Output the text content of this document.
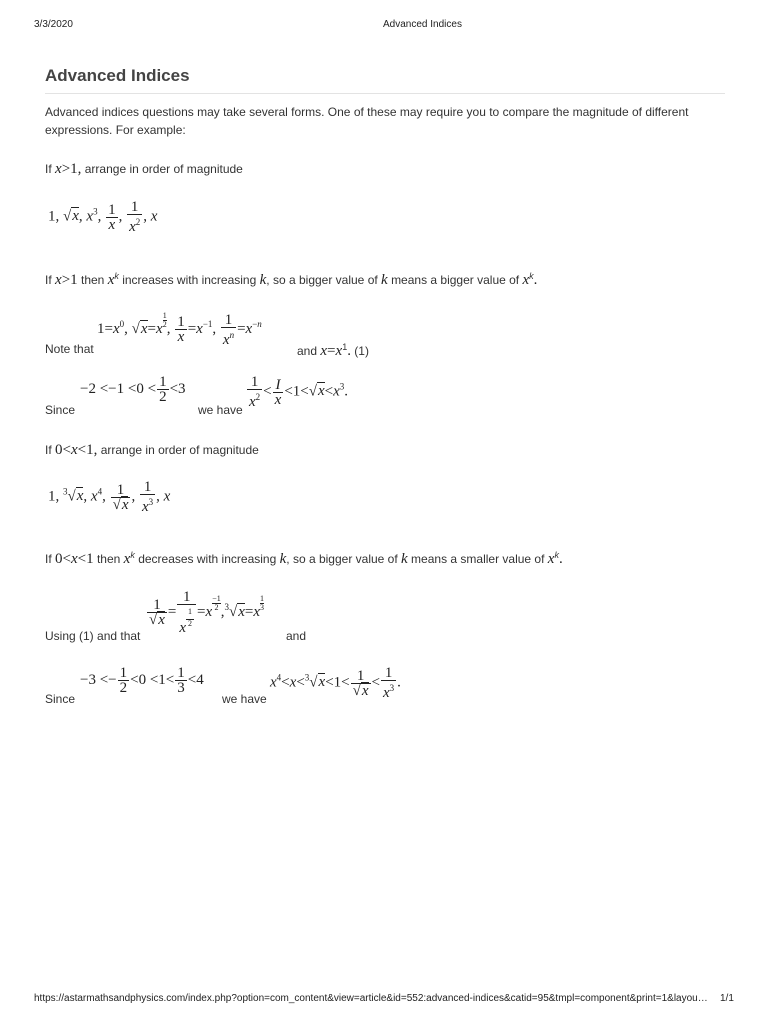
3/3/2020	Advanced Indices
Advanced Indices
Advanced indices questions may take several forms. One of these may require you to compare the magnitude of different expressions. For example:
If x>1, arrange in order of magnitude
1, √x, $x^3$, $\frac{1}{x}$ , $\frac{1}{x^2}$ , x
If x>1 then $x^k$ increases with increasing k, so a bigger value of k means a bigger value of $x^k$.
Note that
$1=x^0$, $√x=x \frac{1}{2}$, $\frac{1}{x} =x^{-1}$, $\frac{1}{x^n} =x^{-n}$
and $x=x^1$. (1)
Since
$-2 <-1 <0 < \frac{1}{2} <3$
we have
$\frac{1}{x^2} < \frac{I}{x} <1<√x<x^3$.
If 0<x<1, arrange in order of magnitude
1, $^3$√x, $x^4$, $\frac{1}{√x}$ , $\frac{1}{x^3}$ , x
If 0<x<1 then $x^k$ decreases with increasing k, so a bigger value of k means a smaller value of $x^k$.
$\frac{1}{√x} = \frac{1}{x \frac{1}{2}} =x \frac{-1}{2},^3√x=x \frac{1}{3}$
Using (1) and that	and
Since
$-3 <- \frac{1}{2} <0 <1< \frac{1}{3} <4$
we have
$x^4<x<^3√x<1< \frac{1}{√x} < \frac{1}{x^3}$ .
https://astarmathsandphysics.com/index.php?option=com_content&view=article&id=552:advanced-indices&catid=95&tmpl=component&print=1&layou…	1/1
